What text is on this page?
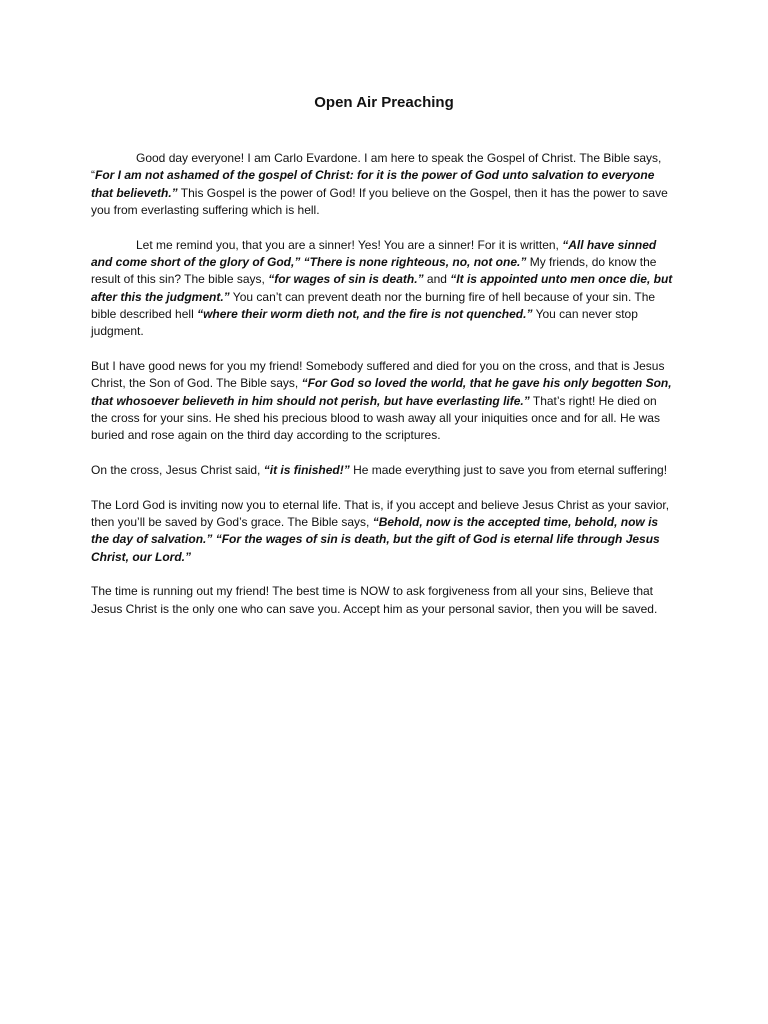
Open Air Preaching

Good day everyone! I am Carlo Evardone. I am here to speak the Gospel of Christ. The Bible says, “For I am not ashamed of the gospel of Christ: for it is the power of God unto salvation to everyone that believeth.” This Gospel is the power of God! If you believe on the Gospel, then it has the power to save you from everlasting suffering which is hell.

Let me remind you, that you are a sinner! Yes! You are a sinner! For it is written, “All have sinned and come short of the glory of God,” “There is none righteous, no, not one.” My friends, do know the result of this sin? The bible says, “for wages of sin is death.” and “It is appointed unto men once die, but after this the judgment.” You can’t can prevent death nor the burning fire of hell because of your sin. The bible described hell “where their worm dieth not, and the fire is not quenched.” You can never stop judgment.

But I have good news for you my friend! Somebody suffered and died for you on the cross, and that is Jesus Christ, the Son of God. The Bible says, “For God so loved the world, that he gave his only begotten Son, that whosoever believeth in him should not perish, but have everlasting life.” That’s right! He died on the cross for your sins. He shed his precious blood to wash away all your iniquities once and for all. He was buried and rose again on the third day according to the scriptures.

On the cross, Jesus Christ said, “it is finished!” He made everything just to save you from eternal suffering!

The Lord God is inviting now you to eternal life. That is, if you accept and believe Jesus Christ as your savior, then you’ll be saved by God’s grace. The Bible says, “Behold, now is the accepted time, behold, now is the day of salvation.” “For the wages of sin is death, but the gift of God is eternal life through Jesus Christ, our Lord.”

The time is running out my friend! The best time is NOW to ask forgiveness from all your sins, Believe that Jesus Christ is the only one who can save you. Accept him as your personal savior, then you will be saved.
